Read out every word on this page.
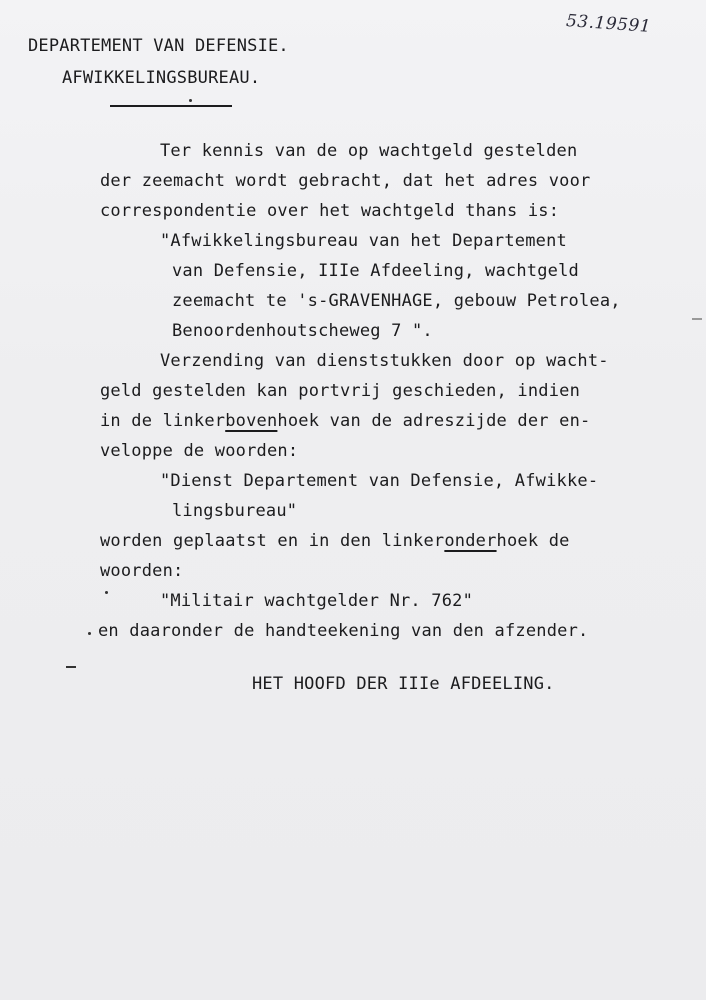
53.19591
DEPARTEMENT VAN DEFENSIE.
AFWIKKELINGSBUREAU.
Ter kennis van de op wachtgeld gestelden
der zeemacht wordt gebracht, dat het adres voor
correspondentie over het wachtgeld thans is:
"Afwikkelingsbureau van het Departement
van Defensie, IIIe Afdeeling, wachtgeld
zeemacht te 's-GRAVENHAGE, gebouw Petrolea,
Benoordenhoutscheweg 7 ".
Verzending van dienststukken door op wacht-
geld gestelden kan portvrij geschieden, indien
in de linkerbovenhoek van de adreszijde der en-
veloppe de woorden:
"Dienst Departement van Defensie, Afwikke-
lingsbureau"
worden geplaatst en in den linkeronderhoek de
woorden:
"Militair wachtgelder Nr. 762"
en daaronder de handteekening van den afzender.
HET HOOFD DER IIIe AFDEELING.
